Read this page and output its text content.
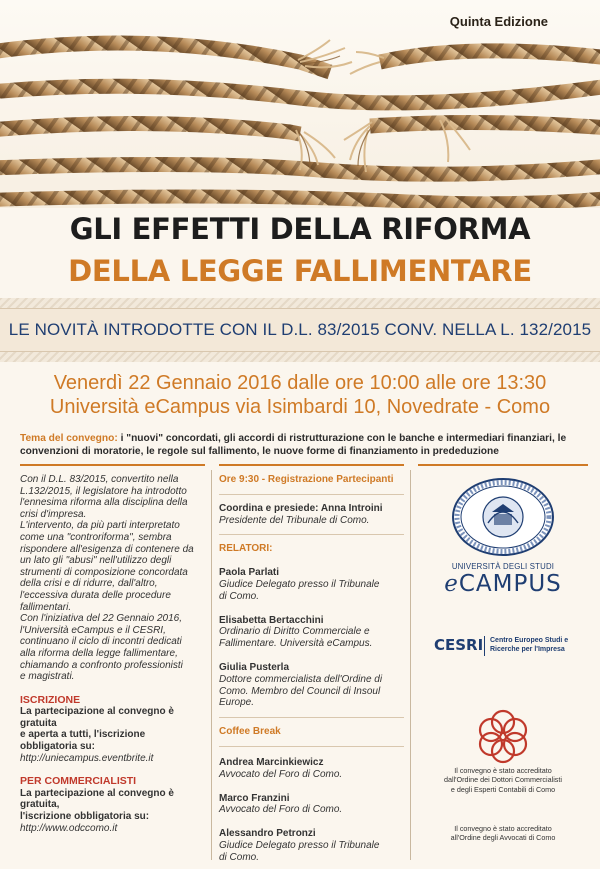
Quinta Edizione
GLI EFFETTI DELLA RIFORMA
DELLA LEGGE FALLIMENTARE
LE NOVITÀ INTRODOTTE CON IL D.L. 83/2015 CONV. NELLA L. 132/2015
Venerdì 22 Gennaio 2016 dalle ore 10:00 alle ore 13:30
Università eCampus via Isimbardi 10, Novedrate - Como
Tema del convegno: i "nuovi" concordati, gli accordi di ristrutturazione con le banche e intermediari finanziari, le convenzioni di moratorie, le regole sul fallimento, le nuove forme di finanziamento in prededuzione
Con il D.L. 83/2015, convertito nella
L.132/2015, il legislatore ha introdotto
l'ennesima riforma alla disciplina della
crisi d'impresa.
L'intervento, da più parti interpretato
come una "controriforma", sembra
rispondere all'esigenza di contenere da
un lato gli "abusi" nell'utilizzo degli
strumenti di composizione concordata
della crisi e di ridurre, dall'altro,
l'eccessiva durata delle procedure
fallimentari.
Con l'iniziativa del 22 Gennaio 2016,
l'Università eCampus e il CESRI,
continuano il ciclo di incontri dedicati
alla riforma della legge fallimentare,
chiamando a confronto professionisti
e magistrati.
ISCRIZIONE
La partecipazione al convegno è gratuita
e aperta a tutti, l'iscrizione obbligatoria su:
http://uniecampus.eventbrite.it
PER COMMERCIALISTI
La partecipazione al convegno è gratuita,
l'iscrizione obbligatoria su:
http://www.odccomo.it
Ore 9:30 - Registrazione Partecipanti
Coordina e presiede: Anna Introini
Presidente del Tribunale di Como.
RELATORI:
Paola Parlati
Giudice Delegato presso il Tribunale
di Como.
Elisabetta Bertacchini
Ordinario di Diritto Commerciale e
Fallimentare. Università eCampus.
Giulia Pusterla
Dottore commercialista dell'Ordine di
Como. Membro del Council di Insoul
Europe.
Coffee Break
Andrea Marcinkiewicz
Avvocato del Foro di Como.
Marco Franzini
Avvocato del Foro di Como.
Alessandro Petronzi
Giudice Delegato presso il Tribunale
di Como.
UNIVERSITÀ DEGLI STUDI
eCAMPUS
CESRI Centro Europeo Studi e
Ricerche per l'Impresa
Il convegno è stato accreditato
dall'Ordine dei Dottori Commercialisti
e degli Esperti Contabili di Como
Il convegno è stato accreditato
all'Ordine degli Avvocati di Como
